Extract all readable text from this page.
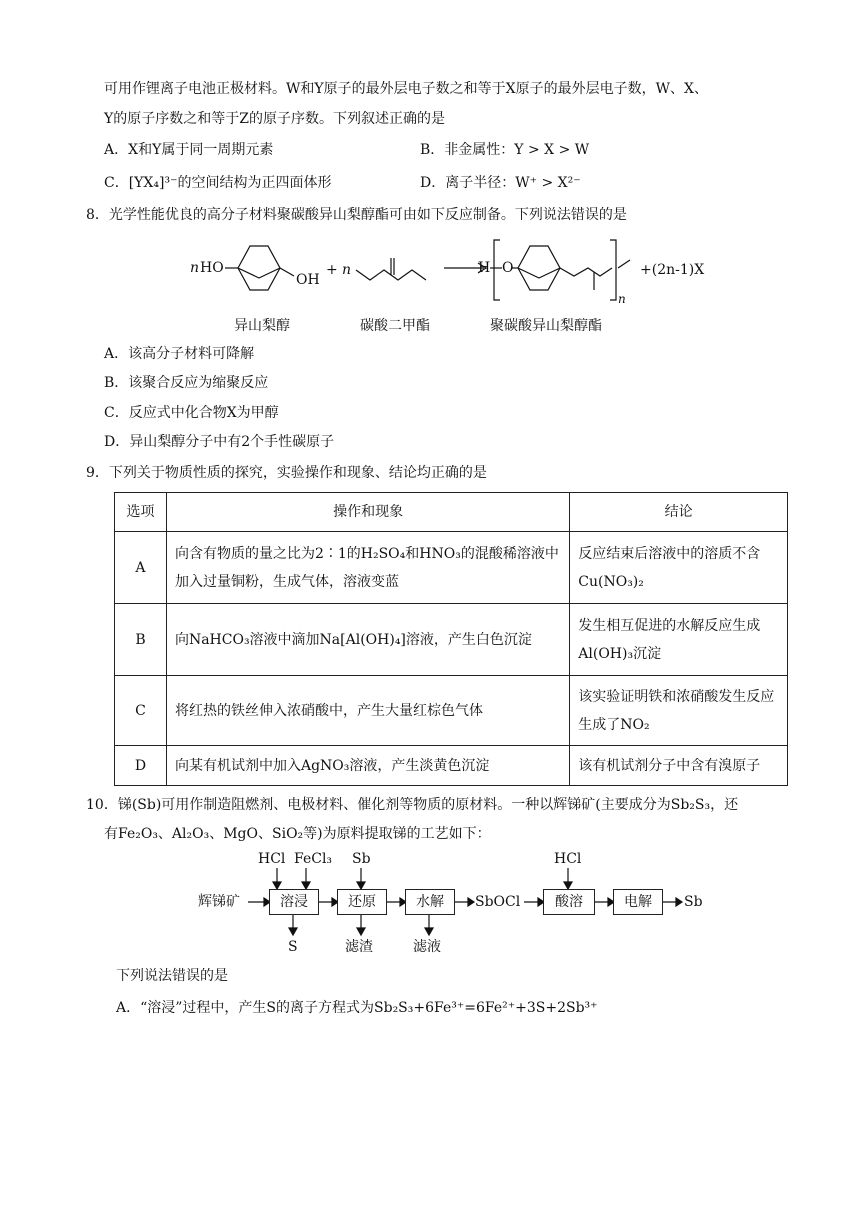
可用作锂离子电池正极材料。W和Y原子的最外层电子数之和等于X原子的最外层电子数，W、X、
Y的原子序数之和等于Z的原子序数。下列叙述正确的是
A．X和Y属于同一周期元素	B．非金属性：Y > X > W
C．[YX₄]³⁻的空间结构为正四面体形	D．离子半径：W⁺ > X²⁻
8．光学性能优良的高分子材料聚碳酸异山梨醇酯可由如下反应制备。下列说法错误的是
n HO
OH
+ n	H O
n
+(2n-1)X
异山梨醇	碳酸二甲酯	聚碳酸异山梨醇酯
A．该高分子材料可降解
B．该聚合反应为缩聚反应
C．反应式中化合物X为甲醇
D．异山梨醇分子中有2个手性碳原子
9．下列关于物质性质的探究，实验操作和现象、结论均正确的是
选项	操作和现象	结论
A	向含有物质的量之比为2∶1的H₂SO₄和HNO₃的混酸稀溶液中加入过量铜粉，生成气体，溶液变蓝	反应结束后溶液中的溶质不含Cu(NO₃)₂
B	向NaHCO₃溶液中滴加Na[Al(OH)₄]溶液，产生白色沉淀	发生相互促进的水解反应生成Al(OH)₃沉淀
C	将红热的铁丝伸入浓硝酸中，产生大量红棕色气体	该实验证明铁和浓硝酸发生反应生成了NO₂
D	向某有机试剂中加入AgNO₃溶液，产生淡黄色沉淀	该有机试剂分子中含有溴原子
10．锑(Sb)可用作制造阻燃剂、电极材料、催化剂等物质的原材料。一种以辉锑矿(主要成分为Sb₂S₃，还
有Fe₂O₃、Al₂O₃、MgO、SiO₂等)为原料提取锑的工艺如下：
辉锑矿	溶浸	还原	水解	SbOCl	酸溶	电解	Sb
HCl FeCl₃ Sb	HCl
S	滤渣	滤液
下列说法错误的是
A．“溶浸”过程中，产生S的离子方程式为Sb₂S₃+6Fe³⁺=6Fe²⁺+3S+2Sb³⁺
